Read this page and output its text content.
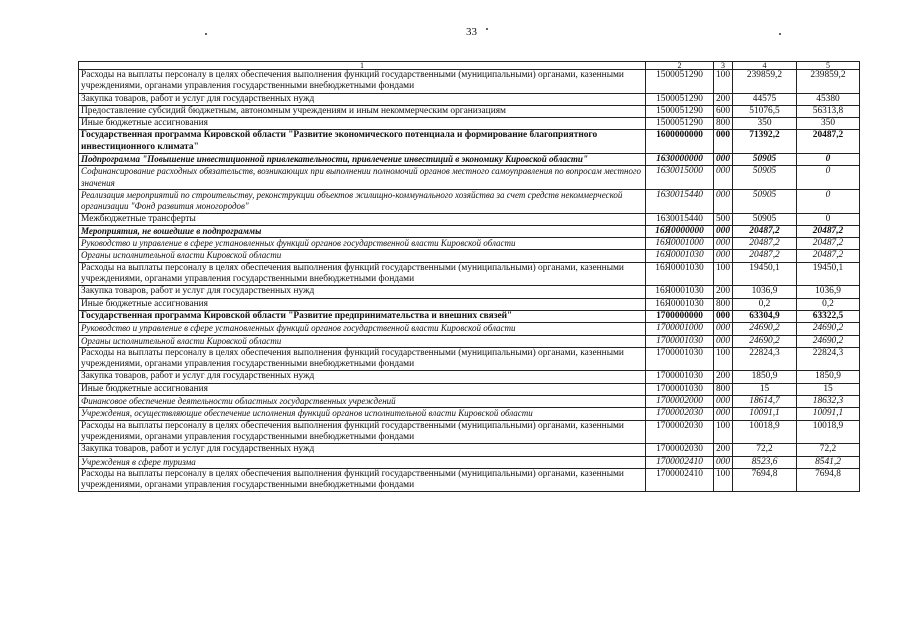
33
1	2	3	4	5
Расходы на выплаты персоналу в целях обеспечения выполнения функций государственными (муниципальными) органами, казенными учреждениями, органами управления государственными внебюджетными фондами	1500051290	100	239859,2	239859,2
Закупка товаров, работ и услуг для государственных нужд	1500051290	200	44575	45380
Предоставление субсидий бюджетным, автономным учреждениям и иным некоммерческим организациям	1500051290	600	51076,5	56313,8
Иные бюджетные ассигнования	1500051290	800	350	350
Государственная программа Кировской области "Развитие экономического потенциала и формирование благоприятного инвестиционного климата"	1600000000	000	71392,2	20487,2
Подпрограмма "Повышение инвестиционной привлекательности, привлечение инвестиций в экономику Кировской области"	1630000000	000	50905	0
Софинансирование расходных обязательств, возникающих при выполнении полномочий органов местного самоуправления по вопросам местного значения	1630015000	000	50905	0
Реализация мероприятий по строительству, реконструкции объектов жилищно-коммунального хозяйства за счет средств некоммерческой организации "Фонд развития моногородов"	1630015440	000	50905	0
Межбюджетные трансферты	1630015440	500	50905	0
Мероприятия, не вошедшие в подпрограммы	16Я0000000	000	20487,2	20487,2
Руководство и управление в сфере установленных функций органов государственной власти Кировской области	16Я0001000	000	20487,2	20487,2
Органы исполнительной власти Кировской области	16Я0001030	000	20487,2	20487,2
Расходы на выплаты персоналу в целях обеспечения выполнения функций государственными (муниципальными) органами, казенными учреждениями, органами управления государственными внебюджетными фондами	16Я0001030	100	19450,1	19450,1
Закупка товаров, работ и услуг для государственных нужд	16Я0001030	200	1036,9	1036,9
Иные бюджетные ассигнования	16Я0001030	800	0,2	0,2
Государственная программа Кировской области "Развитие предпринимательства и внешних связей"	1700000000	000	63304,9	63322,5
Руководство и управление в сфере установленных функций органов государственной власти Кировской области	1700001000	000	24690,2	24690,2
Органы исполнительной власти Кировской области	1700001030	000	24690,2	24690,2
Расходы на выплаты персоналу в целях обеспечения выполнения функций государственными (муниципальными) органами, казенными учреждениями, органами управления государственными внебюджетными фондами	1700001030	100	22824,3	22824,3
Закупка товаров, работ и услуг для государственных нужд	1700001030	200	1850,9	1850,9
Иные бюджетные ассигнования	1700001030	800	15	15
Финансовое обеспечение деятельности областных государственных учреждений	1700002000	000	18614,7	18632,3
Учреждения, осуществляющие обеспечение исполнения функций органов исполнительной власти Кировской области	1700002030	000	10091,1	10091,1
Расходы на выплаты персоналу в целях обеспечения выполнения функций государственными (муниципальными) органами, казенными учреждениями, органами управления государственными внебюджетными фондами	1700002030	100	10018,9	10018,9
Закупка товаров, работ и услуг для государственных нужд	1700002030	200	72,2	72,2
Учреждения в сфере туризма	1700002410	000	8523,6	8541,2
Расходы на выплаты персоналу в целях обеспечения выполнения функций государственными (муниципальными) органами, казенными учреждениями, органами управления государственными внебюджетными фондами	1700002410	100	7694,8	7694,8
